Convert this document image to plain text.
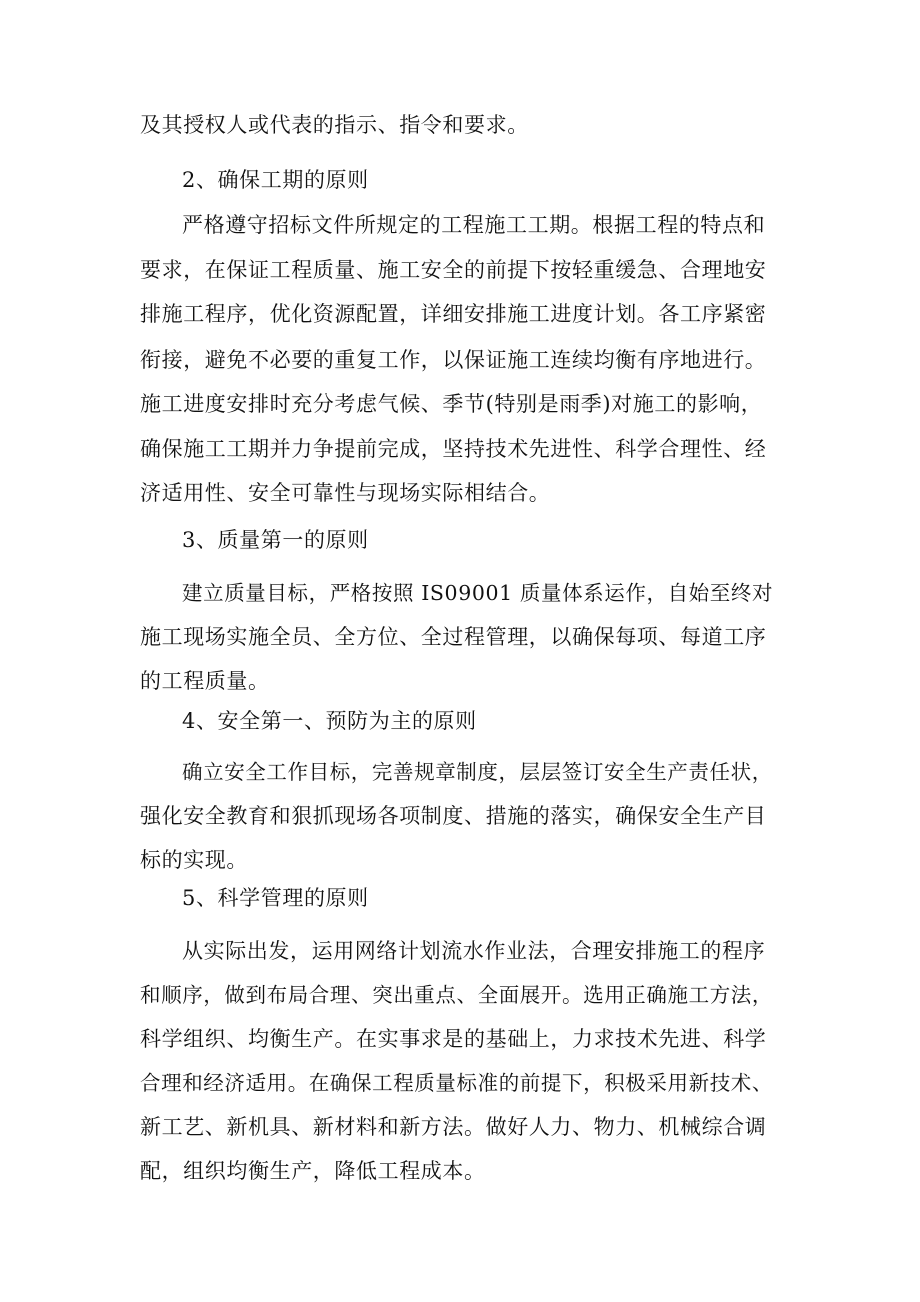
及其授权人或代表的指示、指令和要求。
2、确保工期的原则
严格遵守招标文件所规定的工程施工工期。根据工程的特点和
要求，在保证工程质量、施工安全的前提下按轻重缓急、合理地安
排施工程序，优化资源配置，详细安排施工进度计划。各工序紧密
衔接，避免不必要的重复工作，以保证施工连续均衡有序地进行。
施工进度安排时充分考虑气候、季节(特别是雨季)对施工的影响，
确保施工工期并力争提前完成，坚持技术先进性、科学合理性、经
济适用性、安全可靠性与现场实际相结合。
3、质量第一的原则
建立质量目标，严格按照 IS09001 质量体系运作，自始至终对
施工现场实施全员、全方位、全过程管理，以确保每项、每道工序
的工程质量。
4、安全第一、预防为主的原则
确立安全工作目标，完善规章制度，层层签订安全生产责任状，
强化安全教育和狠抓现场各项制度、措施的落实，确保安全生产目
标的实现。
5、科学管理的原则
从实际出发，运用网络计划流水作业法，合理安排施工的程序
和顺序，做到布局合理、突出重点、全面展开。选用正确施工方法，
科学组织、均衡生产。在实事求是的基础上，力求技术先进、科学
合理和经济适用。在确保工程质量标准的前提下，积极采用新技术、
新工艺、新机具、新材料和新方法。做好人力、物力、机械综合调
配，组织均衡生产，降低工程成本。
